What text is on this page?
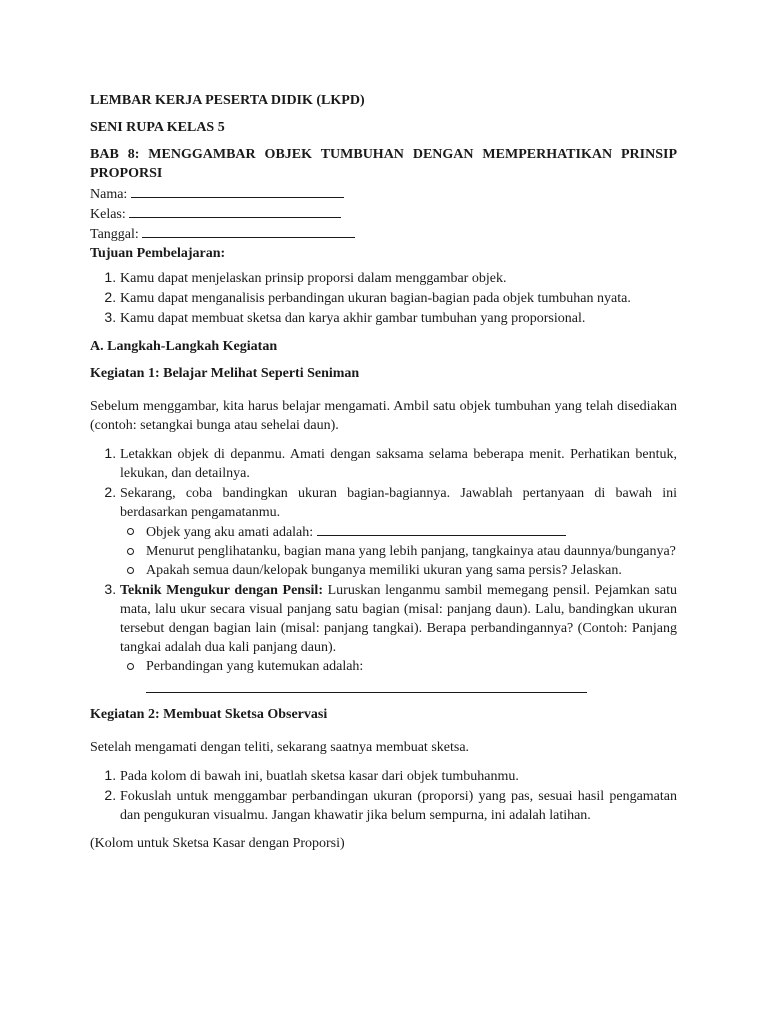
LEMBAR KERJA PESERTA DIDIK (LKPD)

SENI RUPA KELAS 5

BAB 8: MENGGAMBAR OBJEK TUMBUHAN DENGAN MEMPERHATIKAN PRINSIP PROPORSI

Nama:

Kelas:

Tanggal:

Tujuan Pembelajaran:

1. Kamu dapat menjelaskan prinsip proporsi dalam menggambar objek.
2. Kamu dapat menganalisis perbandingan ukuran bagian-bagian pada objek tumbuhan nyata.
3. Kamu dapat membuat sketsa dan karya akhir gambar tumbuhan yang proporsional.

A. Langkah-Langkah Kegiatan

Kegiatan 1: Belajar Melihat Seperti Seniman

Sebelum menggambar, kita harus belajar mengamati. Ambil satu objek tumbuhan yang telah disediakan (contoh: setangkai bunga atau sehelai daun).

1. Letakkan objek di depanmu. Amati dengan saksama selama beberapa menit. Perhatikan bentuk, lekukan, dan detailnya.
2. Sekarang, coba bandingkan ukuran bagian-bagiannya. Jawablah pertanyaan di bawah ini berdasarkan pengamatanmu.
Objek yang aku amati adalah:
Menurut penglihatanku, bagian mana yang lebih panjang, tangkainya atau daunnya/bunganya?
Apakah semua daun/kelopak bunganya memiliki ukuran yang sama persis? Jelaskan.
3. Teknik Mengukur dengan Pensil: Luruskan lenganmu sambil memegang pensil. Pejamkan satu mata, lalu ukur secara visual panjang satu bagian (misal: panjang daun). Lalu, bandingkan ukuran tersebut dengan bagian lain (misal: panjang tangkai). Berapa perbandingannya? (Contoh: Panjang tangkai adalah dua kali panjang daun).
Perbandingan yang kutemukan adalah:

Kegiatan 2: Membuat Sketsa Observasi

Setelah mengamati dengan teliti, sekarang saatnya membuat sketsa.

1. Pada kolom di bawah ini, buatlah sketsa kasar dari objek tumbuhanmu.
2. Fokuslah untuk menggambar perbandingan ukuran (proporsi) yang pas, sesuai hasil pengamatan dan pengukuran visualmu. Jangan khawatir jika belum sempurna, ini adalah latihan.

(Kolom untuk Sketsa Kasar dengan Proporsi)
